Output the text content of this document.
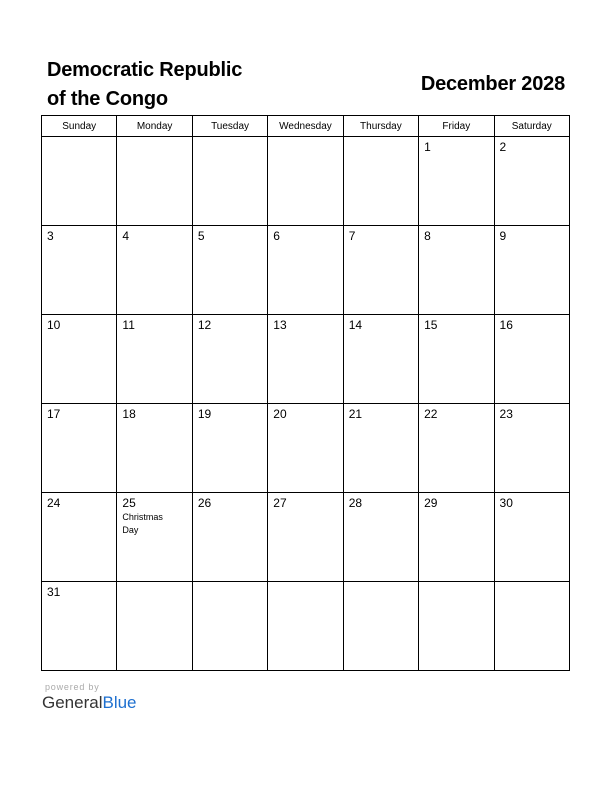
Democratic Republic
of the Congo
December 2028
Sunday	Monday	Tuesday	Wednesday	Thursday	Friday	Saturday

					1	2

3	4	5	6	7	8	9

10	11	12	13	14	15	16

17	18	19	20	21	22	23

24	25
Christmas
Day	26	27	28	29	30

31						

powered by
GeneralBlue
